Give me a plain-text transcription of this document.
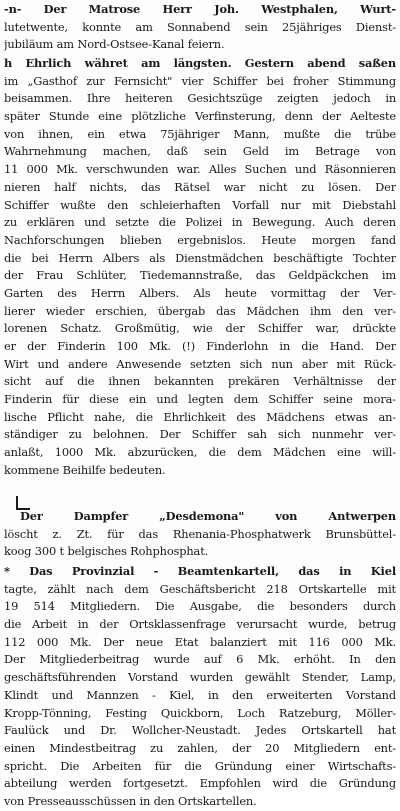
-n- Der Matrose Herr Joh. Westphalen, Wurt-
lutetwente, konnte am Sonnabend sein 25jähriges Dienst-
jubiläum am Nord-Ostsee-Kanal feiern.
h Ehrlich währet am längsten. Gestern abend saßen
im „Gasthof zur Fernsicht" vier Schiffer bei froher Stimmung
beisammen. Ihre heiteren Gesichtszüge zeigten jedoch in
später Stunde eine plötzliche Verfinsterung, denn der Aelteste
von ihnen, ein etwa 75jähriger Mann, mußte die trübe
Wahrnehmung machen, daß sein Geld im Betrage von
11 000 Mk. verschwunden war. Alles Suchen und Räsonnieren
nieren half nichts, das Rätsel war nicht zu lösen. Der
Schiffer wußte den schleierhaften Vorfall nur mit Diebstahl
zu erklären und setzte die Polizei in Bewegung. Auch deren
Nachforschungen blieben ergebnislos. Heute morgen fand
die bei Herrn Albers als Dienstmädchen beschäftigte Tochter
der Frau Schlüter, Tiedemannstraße, das Geldpäckchen im
Garten des Herrn Albers. Als heute vormittag der Ver-
lierer wieder erschien, übergab das Mädchen ihm den ver-
lorenen Schatz. Großmütig, wie der Schiffer war, drückte
er der Finderin 100 Mk. (!) Finderlohn in die Hand. Der
Wirt und andere Anwesende setzten sich nun aber mit Rück-
sicht auf die ihnen bekannten prekären Verhältnisse der
Finderin für diese ein und legten dem Schiffer seine mora-
lische Pflicht nahe, die Ehrlichkeit des Mädchens etwas an-
ständiger zu belohnen. Der Schiffer sah sich nunmehr ver-
anlaßt, 1000 Mk. abzurücken, die dem Mädchen eine will-
kommene Beihilfe bedeuten.
Der Dampfer „Desdemona" von Antwerpen
löscht z. Zt. für das Rhenania-Phosphatwerk Brunsbüttel-
koog 300 t belgisches Rohphosphat.
* Das Provinzial - Beamtenkartell, das in Kiel
tagte, zählt nach dem Geschäftsbericht 218 Ortskartelle mit
19 514 Mitgliedern. Die Ausgabe, die besonders durch
die Arbeit in der Ortsklassenfrage verursacht wurde, betrug
112 000 Mk. Der neue Etat balanziert mit 116 000 Mk.
Der Mitgliederbeitrag wurde auf 6 Mk. erhöht. In den
geschäftsführenden Vorstand wurden gewählt Stender, Lamp,
Klindt und Mannzen - Kiel, in den erweiterten Vorstand
Kropp-Tönning, Festing Quickborn, Loch Ratzeburg, Möller-
Faulück und Dr. Wollcher-Neustadt. Jedes Ortskartell hat
einen Mindestbeitrag zu zahlen, der 20 Mitgliedern ent-
spricht. Die Arbeiten für die Gründung einer Wirtschafts-
abteilung werden fortgesetzt. Empfohlen wird die Gründung
von Presseausschüssen in den Ortskartellen.
